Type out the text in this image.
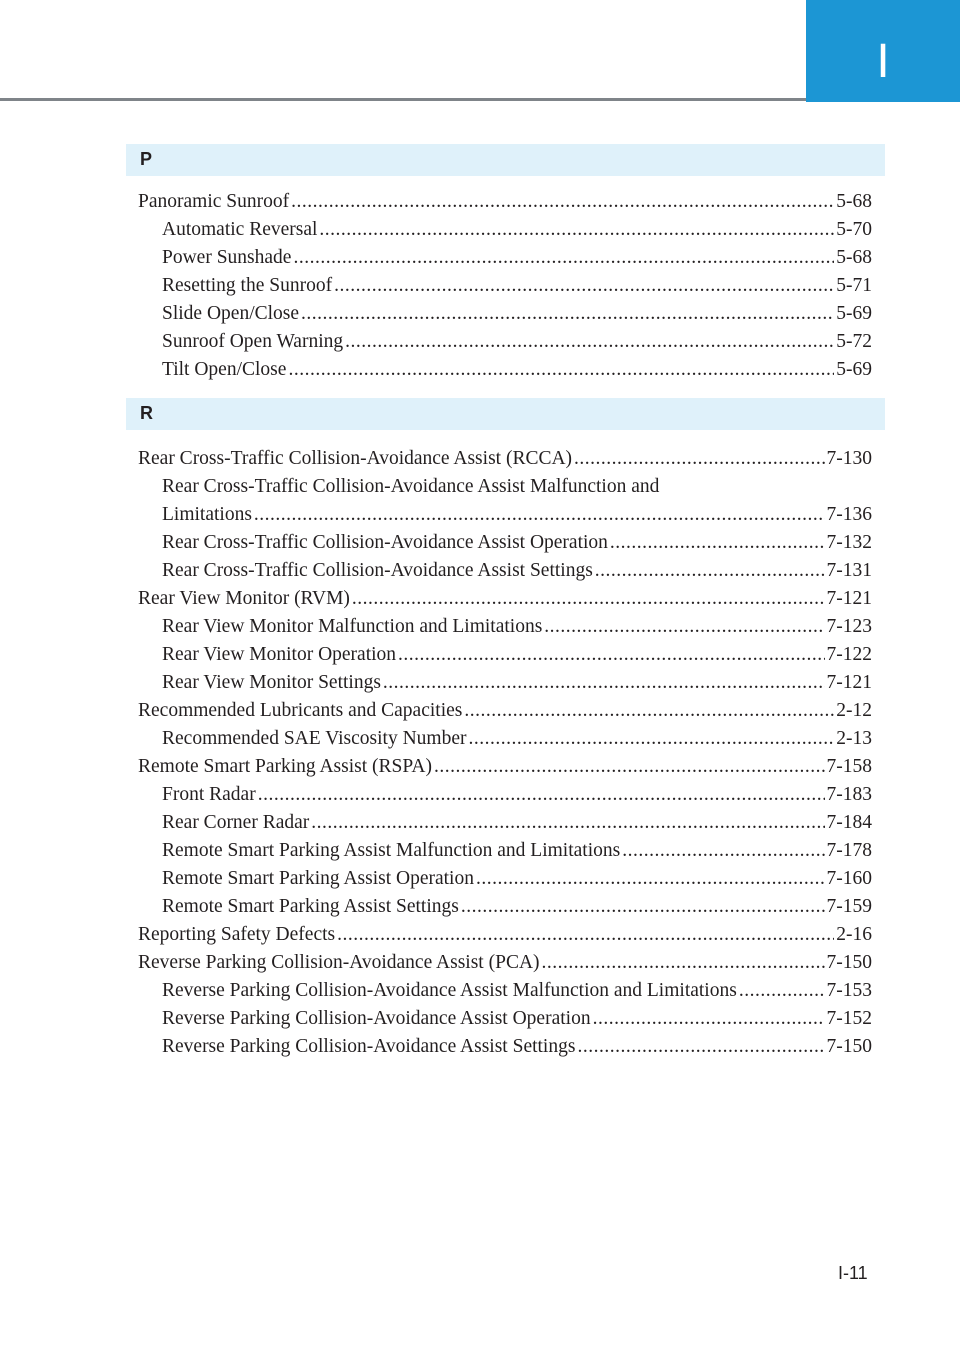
I
P
Panoramic Sunroof .....	5-68
Automatic Reversal .....	5-70
Power Sunshade .....	5-68
Resetting the Sunroof .....	5-71
Slide Open/Close .....	5-69
Sunroof Open Warning .....	5-72
Tilt Open/Close .....	5-69
R
Rear Cross-Traffic Collision-Avoidance Assist (RCCA) .....	7-130
Rear Cross-Traffic Collision-Avoidance Assist Malfunction and
Limitations .....	7-136
Rear Cross-Traffic Collision-Avoidance Assist Operation .....	7-132
Rear Cross-Traffic Collision-Avoidance Assist Settings .....	7-131
Rear View Monitor (RVM) .....	7-121
Rear View Monitor Malfunction and Limitations .....	7-123
Rear View Monitor Operation .....	7-122
Rear View Monitor Settings .....	7-121
Recommended Lubricants and Capacities .....	2-12
Recommended SAE Viscosity Number .....	2-13
Remote Smart Parking Assist (RSPA) .....	7-158
Front Radar .....	7-183
Rear Corner Radar .....	7-184
Remote Smart Parking Assist Malfunction and Limitations .....	7-178
Remote Smart Parking Assist Operation .....	7-160
Remote Smart Parking Assist Settings .....	7-159
Reporting Safety Defects .....	2-16
Reverse Parking Collision-Avoidance Assist (PCA) .....	7-150
Reverse Parking Collision-Avoidance Assist Malfunction and Limitations .....	7-153
Reverse Parking Collision-Avoidance Assist Operation .....	7-152
Reverse Parking Collision-Avoidance Assist Settings .....	7-150
I-11
